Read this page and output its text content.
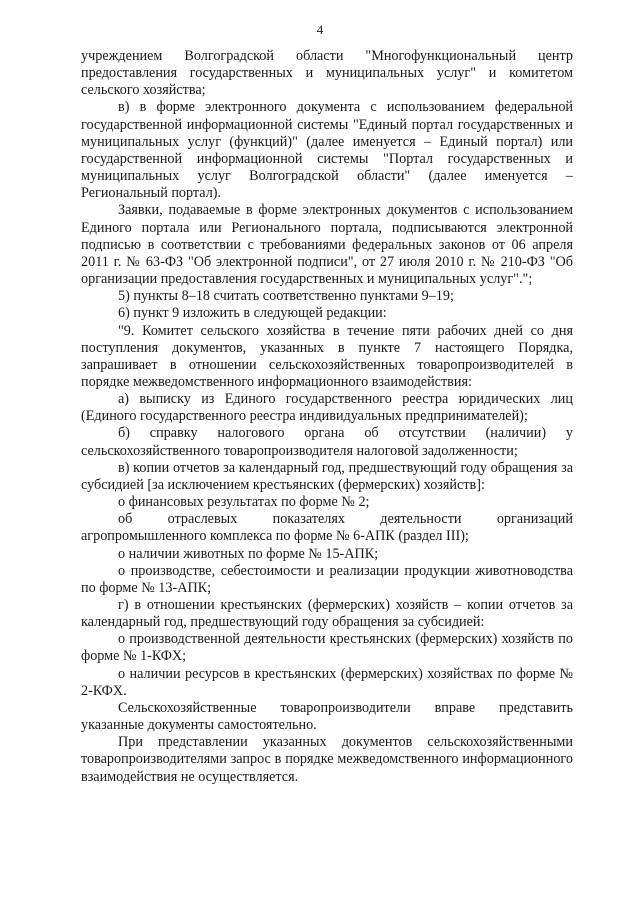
4

учреждением Волгоградской области "Многофункциональный центр предоставления государственных и муниципальных услуг" и комитетом сельского хозяйства;

в) в форме электронного документа с использованием федеральной государственной информационной системы "Единый портал государственных и муниципальных услуг (функций)" (далее именуется – Единый портал) или государственной информационной системы "Портал государственных и муниципальных услуг Волгоградской области" (далее именуется – Региональный портал).

Заявки, подаваемые в форме электронных документов с использованием Единого портала или Регионального портала, подписываются электронной подписью в соответствии с требованиями федеральных законов от 06 апреля 2011 г. № 63-ФЗ "Об электронной подписи", от 27 июля 2010 г. № 210-ФЗ "Об организации предоставления государственных и муниципальных услуг".";

5) пункты 8–18 считать соответственно пунктами 9–19;

6) пункт 9 изложить в следующей редакции:

"9. Комитет сельского хозяйства в течение пяти рабочих дней со дня поступления документов, указанных в пункте 7 настоящего Порядка, запрашивает в отношении сельскохозяйственных товаропроизводителей в порядке межведомственного информационного взаимодействия:

а) выписку из Единого государственного реестра юридических лиц (Единого государственного реестра индивидуальных предпринимателей);

б) справку налогового органа об отсутствии (наличии) у сельскохозяйственного товаропроизводителя налоговой задолженности;

в) копии отчетов за календарный год, предшествующий году обращения за субсидией [за исключением крестьянских (фермерских) хозяйств]:

о финансовых результатах по форме № 2;

об отраслевых показателях деятельности организаций агропромышленного комплекса по форме № 6-АПК (раздел III);

о наличии животных по форме № 15-АПК;

о производстве, себестоимости и реализации продукции животноводства по форме № 13-АПК;

г) в отношении крестьянских (фермерских) хозяйств – копии отчетов за календарный год, предшествующий году обращения за субсидией:

о производственной деятельности крестьянских (фермерских) хозяйств по форме № 1-КФХ;

о наличии ресурсов в крестьянских (фермерских) хозяйствах по форме № 2-КФХ.

Сельскохозяйственные товаропроизводители вправе представить указанные документы самостоятельно.

При представлении указанных документов сельскохозяйственными товаропроизводителями запрос в порядке межведомственного информационного взаимодействия не осуществляется.
